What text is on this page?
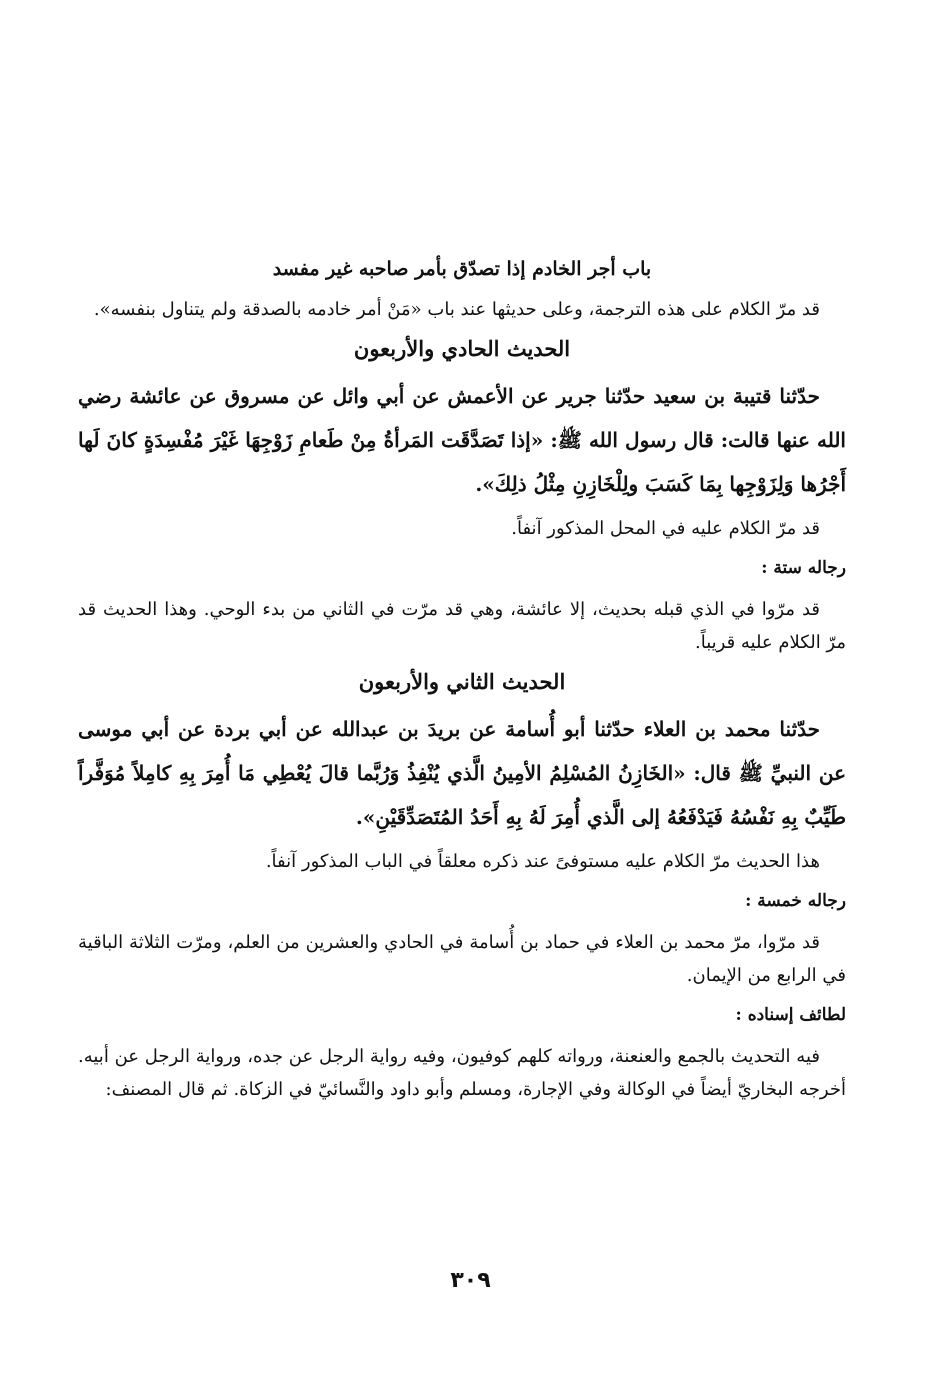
باب أجر الخادم إذا تصدّق بأمر صاحبه غير مفسد

قد مرّ الكلام على هذه الترجمة، وعلى حديثها عند باب «مَنْ أمر خادمه بالصدقة ولم يتناول بنفسه».

الحديث الحادي والأربعون

حدّثنا قتيبة بن سعيد حدّثنا جرير عن الأعمش عن أبي وائل عن مسروق عن عائشة رضي الله عنها قالت: قال رسول الله ﷺ: «إذا تَصَدَّقَت المَرأةُ مِنْ طَعامِ زَوْجِهَا غَيْرَ مُفْسِدَةٍ كانَ لَها أَجْرُها وَلِزَوْجِها بِمَا كَسَبَ ولِلْخَازِنِ مِثْلُ ذلِكَ».

قد مرّ الكلام عليه في المحل المذكور آنفاً.

رجاله ستة :

قد مرّوا في الذي قبله بحديث، إلا عائشة، وهي قد مرّت في الثاني من بدء الوحي. وهذا الحديث قد مرّ الكلام عليه قريباً.

الحديث الثاني والأربعون

حدّثنا محمد بن العلاء حدّثنا أبو أُسامة عن بريدَ بن عبدالله عن أبي بردة عن أبي موسى عن النبيِّ ﷺ قال: «الخَازِنُ المُسْلِمُ الأمِينُ الَّذي يُنْفِذُ وَرُبَّما قالَ يُعْطِي مَا أُمِرَ بِهِ كامِلاً مُوَفَّراً طَيِّبٌ بِهِ نَفْسُهُ فَيَدْفَعُهُ إلى الَّذي أُمِرَ لَهُ بِهِ أَحَدُ المُتَصَدِّقَيْنِ».

هذا الحديث مرّ الكلام عليه مستوفىً عند ذكره معلقاً في الباب المذكور آنفاً.

رجاله خمسة :

قد مرّوا، مرّ محمد بن العلاء في حماد بن أُسامة في الحادي والعشرين من العلم، ومرّت الثلاثة الباقية في الرابع من الإيمان.

لطائف إسناده :

فيه التحديث بالجمع والعنعنة، ورواته كلهم كوفيون، وفيه رواية الرجل عن جده، ورواية الرجل عن أبيه. أخرجه البخاريّ أيضاً في الوكالة وفي الإجارة، ومسلم وأبو داود والنَّسائيّ في الزكاة. ثم قال المصنف:

٣٠٩
